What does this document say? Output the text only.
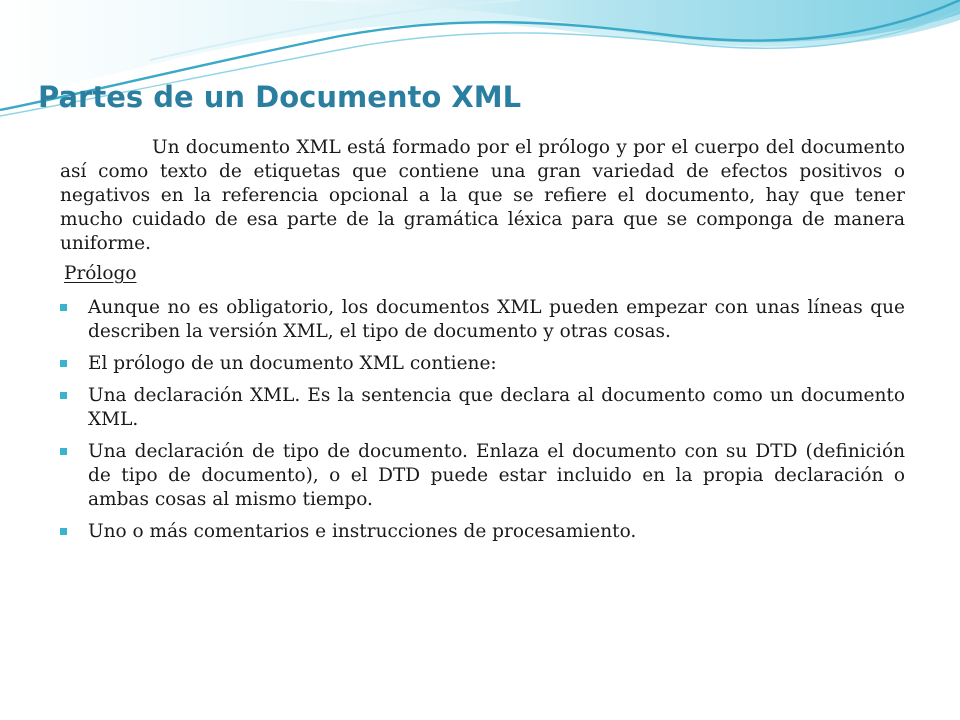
Partes de un Documento XML

Un documento XML está formado por el prólogo y por el cuerpo del documento así como texto de etiquetas que contiene una gran variedad de efectos positivos o negativos en la referencia opcional a la que se refiere el documento, hay que tener mucho cuidado de esa parte de la gramática léxica para que se componga de manera uniforme.

Prólogo

Aunque no es obligatorio, los documentos XML pueden empezar con unas líneas que describen la versión XML, el tipo de documento y otras cosas.
El prólogo de un documento XML contiene:
Una declaración XML. Es la sentencia que declara al documento como un documento XML.
Una declaración de tipo de documento. Enlaza el documento con su DTD (definición de tipo de documento), o el DTD puede estar incluido en la propia declaración o ambas cosas al mismo tiempo.
Uno o más comentarios e instrucciones de procesamiento.
